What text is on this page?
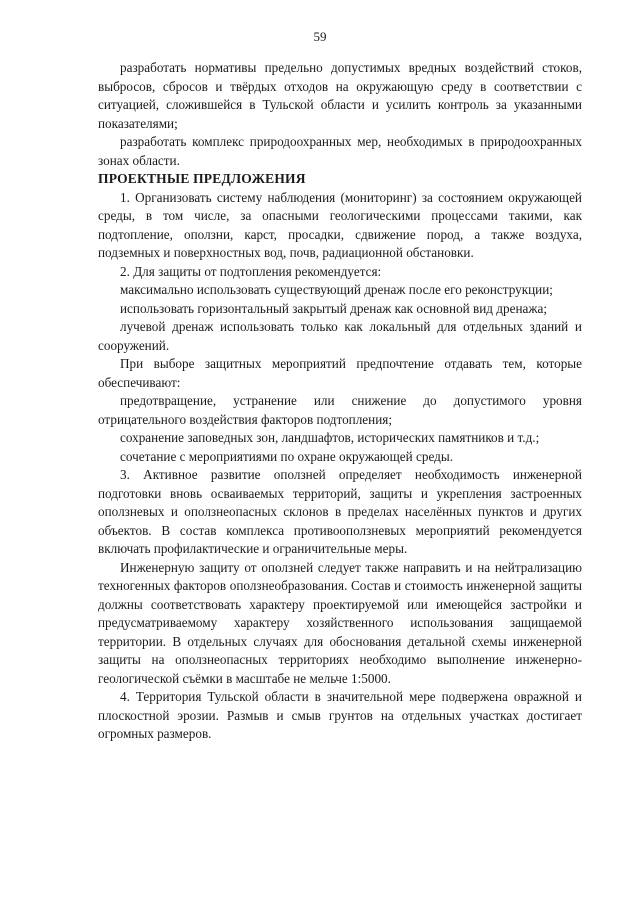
59

разработать нормативы предельно допустимых вредных воздействий стоков, выбросов, сбросов и твёрдых отходов на окружающую среду в соответствии с ситуацией, сложившейся в Тульской области и усилить контроль за указанными показателями;

разработать комплекс природоохранных мер, необходимых в природоохранных зонах области.

ПРОЕКТНЫЕ ПРЕДЛОЖЕНИЯ

1. Организовать систему наблюдения (мониторинг) за состоянием окружающей среды, в том числе, за опасными геологическими процессами такими, как подтопление, оползни, карст, просадки, сдвижение пород, а также воздуха, подземных и поверхностных вод, почв, радиационной обстановки.

2. Для защиты от подтопления рекомендуется:

максимально использовать существующий дренаж после его реконструкции;

использовать горизонтальный закрытый дренаж как основной вид дренажа;

лучевой дренаж использовать только как локальный для отдельных зданий и сооружений.

При выборе защитных мероприятий предпочтение отдавать тем, которые обеспечивают:

предотвращение, устранение или снижение до допустимого уровня отрицательного воздействия факторов подтопления;

сохранение заповедных зон, ландшафтов, исторических памятников и т.д.;

сочетание с мероприятиями по охране окружающей среды.

3. Активное развитие оползней определяет необходимость инженерной подготовки вновь осваиваемых территорий, защиты и укрепления застроенных оползневых и оползнеопасных склонов в пределах населённых пунктов и других объектов. В состав комплекса противооползневых мероприятий рекомендуется включать профилактические и ограничительные меры.

Инженерную защиту от оползней следует также направить и на нейтрализацию техногенных факторов оползнеобразования. Состав и стоимость инженерной защиты должны соответствовать характеру проектируемой или имеющейся застройки и предусматриваемому характеру хозяйственного использования защищаемой территории. В отдельных случаях для обоснования детальной схемы инженерной защиты на оползнеопасных территориях необходимо выполнение инженерно-геологической съёмки в масштабе не мельче 1:5000.

4. Территория Тульской области в значительной мере подвержена овражной и плоскостной эрозии. Размыв и смыв грунтов на отдельных участках достигает огромных размеров.
